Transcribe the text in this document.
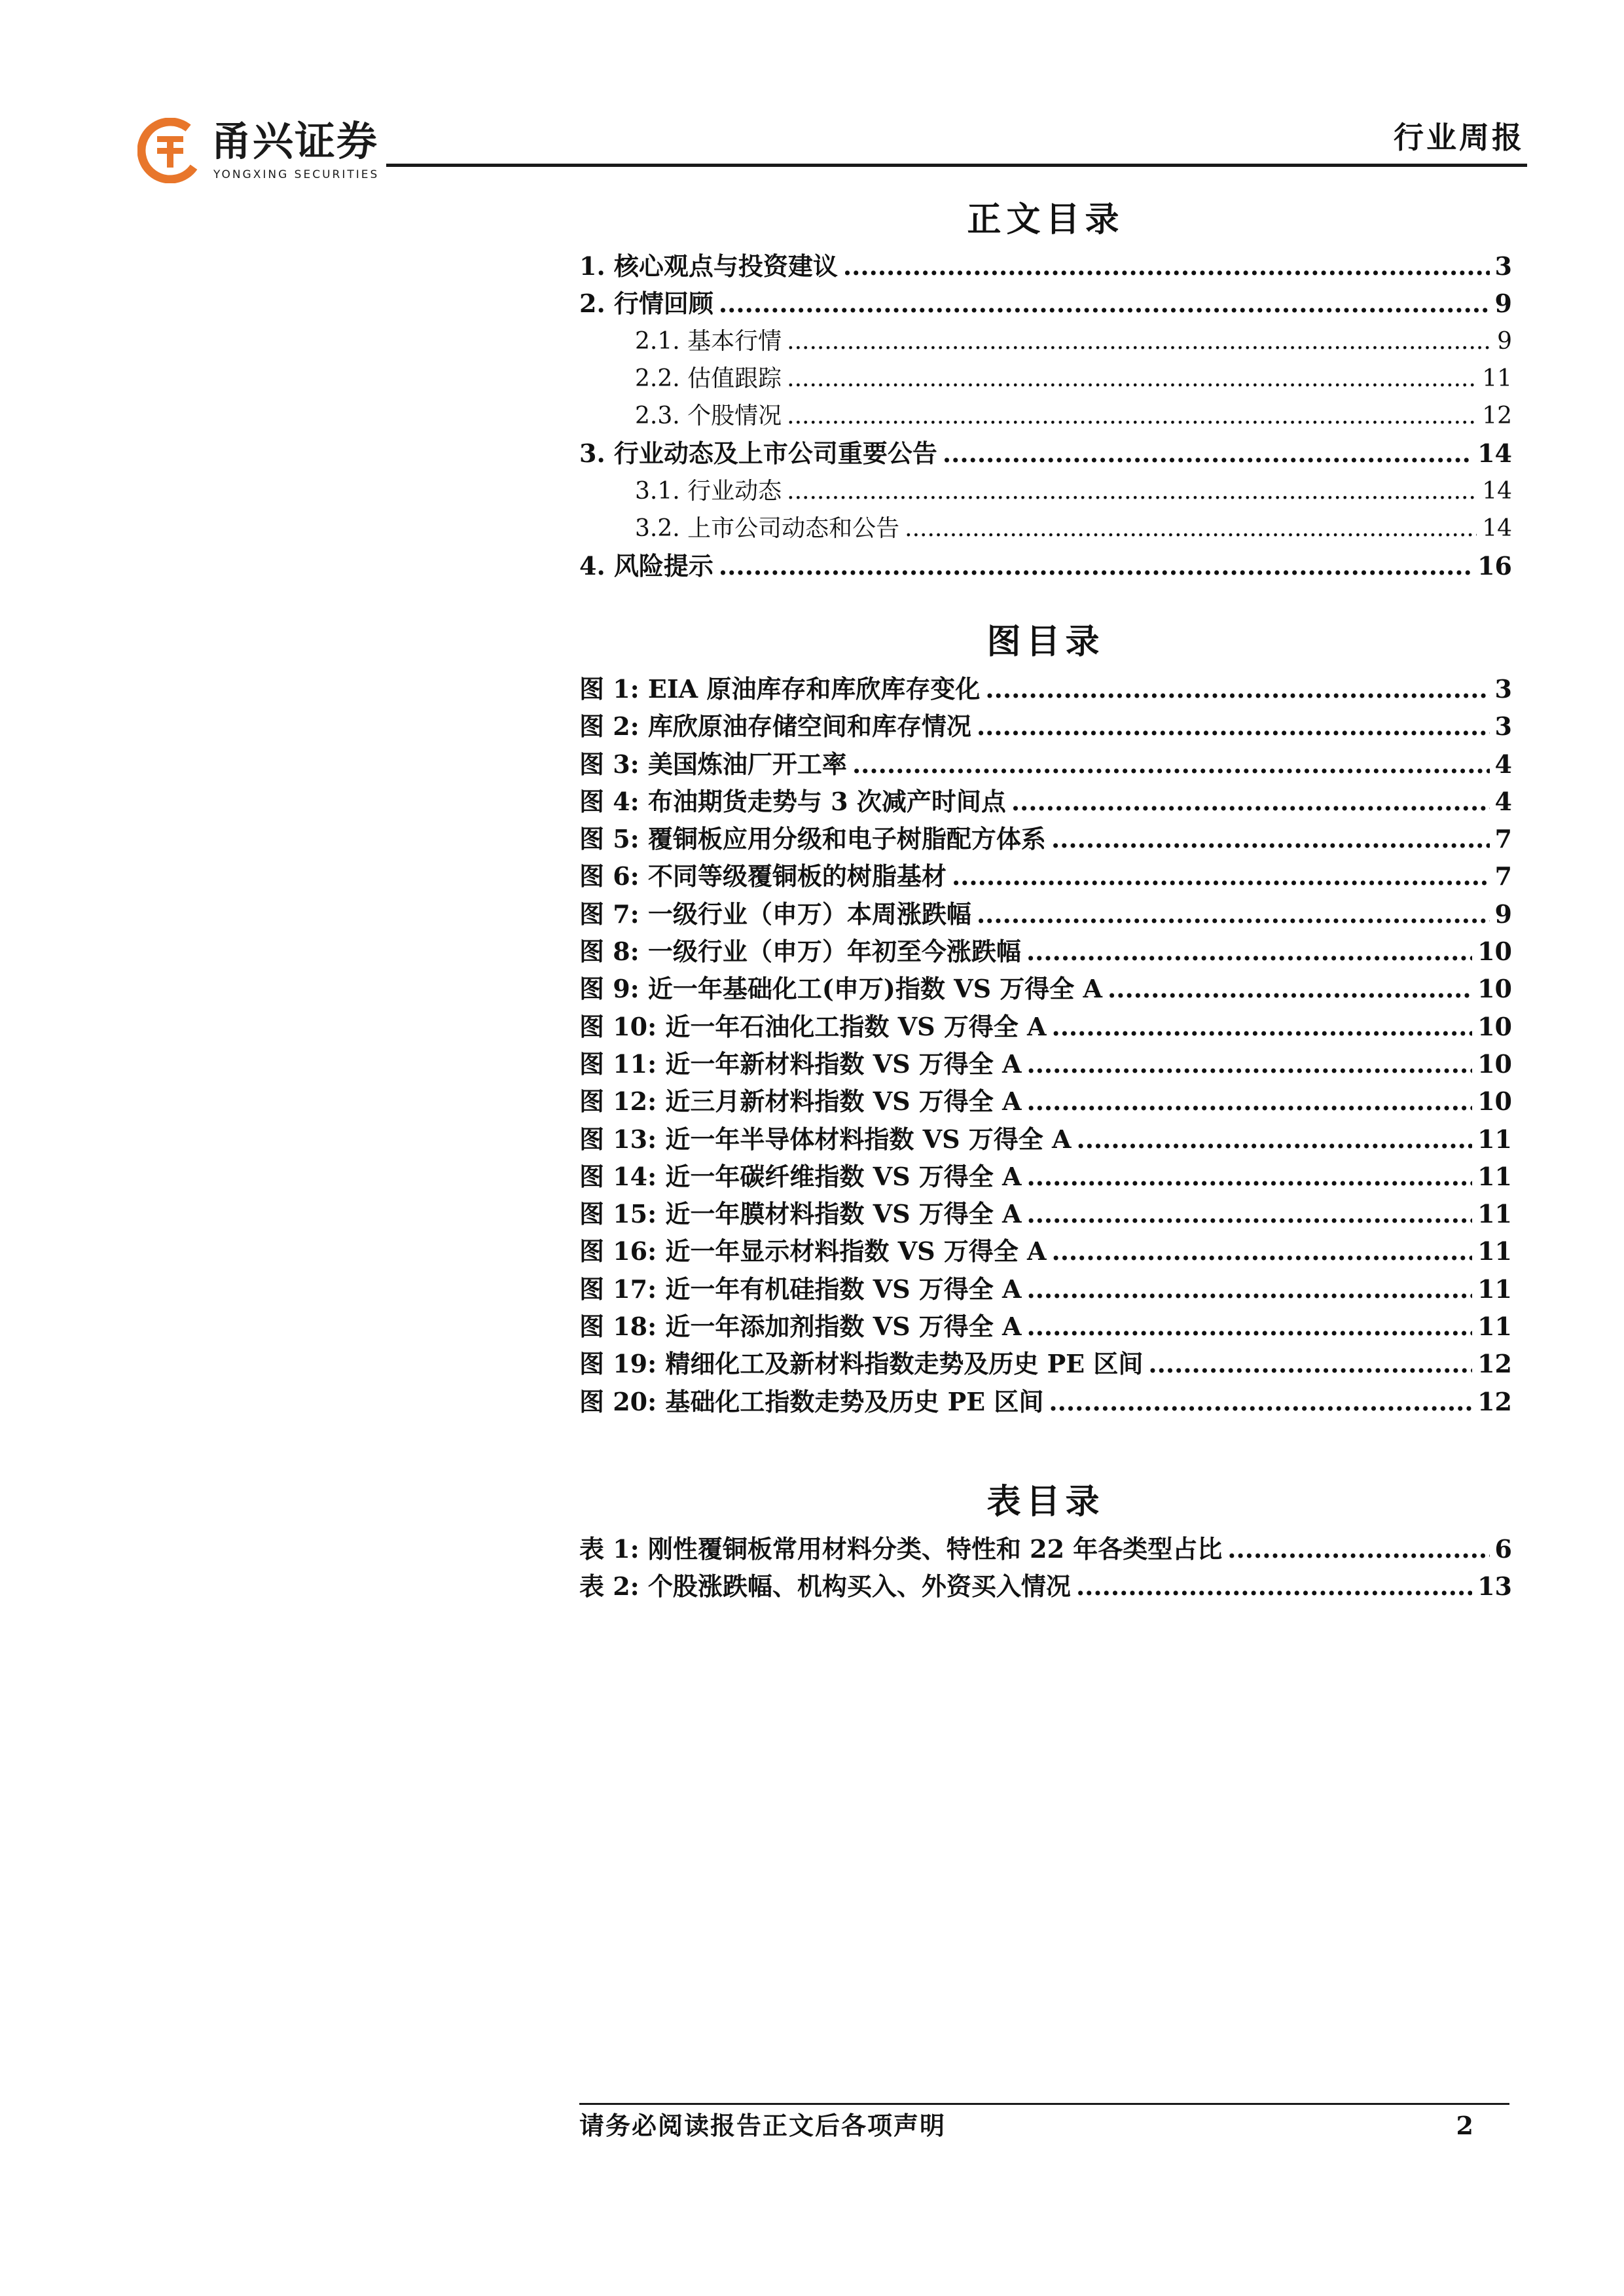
甬兴证券
YONGXING SECURITIES
行业周报
正文目录
1. 核心观点与投资建议 .....	3
2. 行情回顾 .....	9
2.1. 基本行情 .....	9
2.2. 估值跟踪 .....	11
2.3. 个股情况 .....	12
3. 行业动态及上市公司重要公告 .....	14
3.1. 行业动态 .....	14
3.2. 上市公司动态和公告 .....	14
4. 风险提示 .....	16
图目录
图 1: EIA 原油库存和库欣库存变化 .....	3
图 2: 库欣原油存储空间和库存情况 .....	3
图 3: 美国炼油厂开工率 .....	4
图 4: 布油期货走势与 3 次减产时间点 .....	4
图 5: 覆铜板应用分级和电子树脂配方体系 .....	7
图 6: 不同等级覆铜板的树脂基材 .....	7
图 7: 一级行业（申万）本周涨跌幅 .....	9
图 8: 一级行业（申万）年初至今涨跌幅 .....	10
图 9: 近一年基础化工(申万)指数 VS 万得全 A .....	10
图 10: 近一年石油化工指数 VS 万得全 A .....	10
图 11: 近一年新材料指数 VS 万得全 A .....	10
图 12: 近三月新材料指数 VS 万得全 A .....	10
图 13: 近一年半导体材料指数 VS 万得全 A .....	11
图 14: 近一年碳纤维指数 VS 万得全 A .....	11
图 15: 近一年膜材料指数 VS 万得全 A .....	11
图 16: 近一年显示材料指数 VS 万得全 A .....	11
图 17: 近一年有机硅指数 VS 万得全 A .....	11
图 18: 近一年添加剂指数 VS 万得全 A .....	11
图 19: 精细化工及新材料指数走势及历史 PE 区间 .....	12
图 20: 基础化工指数走势及历史 PE 区间 .....	12
表目录
表 1: 刚性覆铜板常用材料分类、特性和 22 年各类型占比 .....	6
表 2: 个股涨跌幅、机构买入、外资买入情况 .....	13
请务必阅读报告正文后各项声明	2
